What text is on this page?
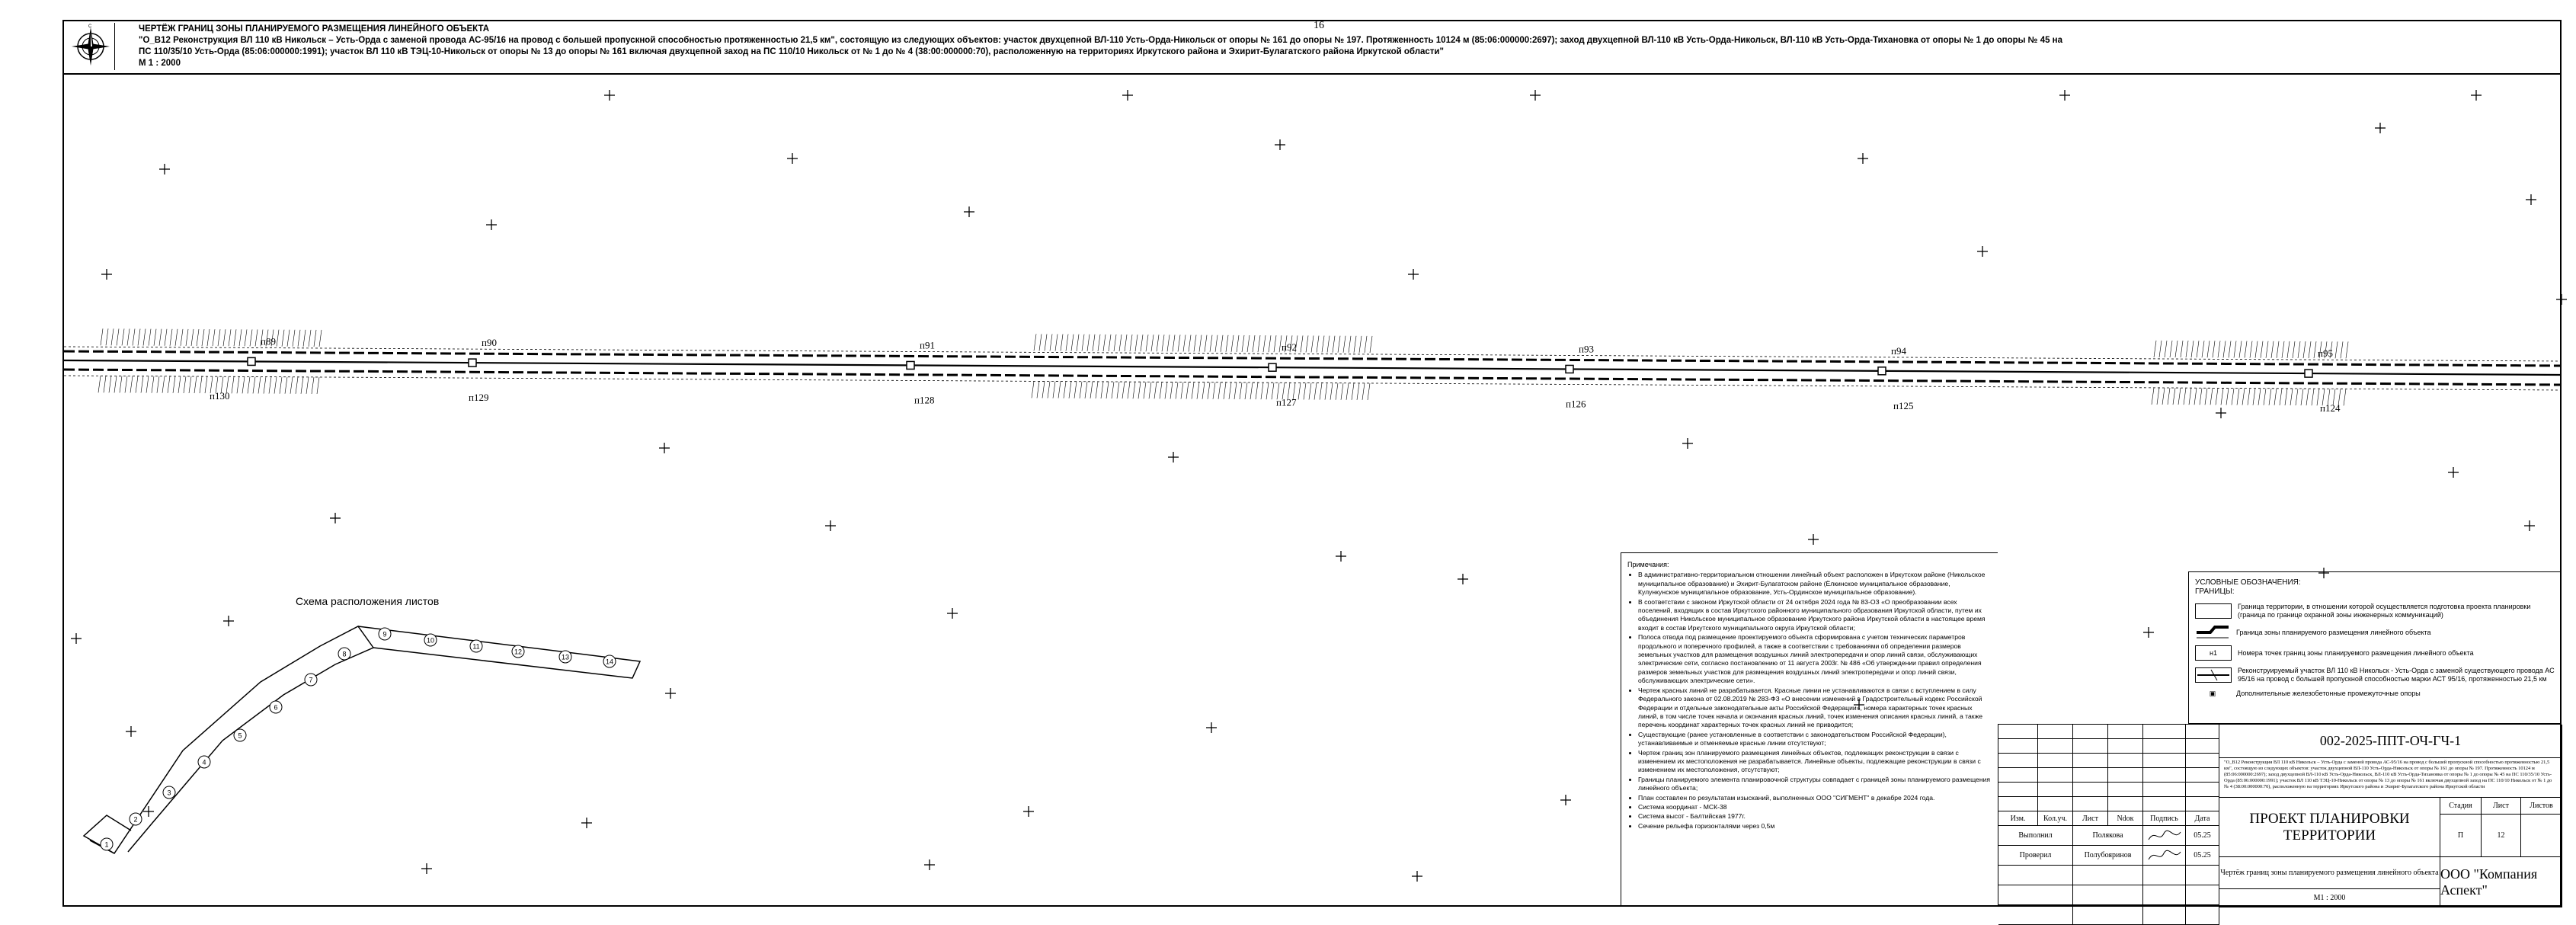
16
С	ЧЕРТЁЖ ГРАНИЦ ЗОНЫ ПЛАНИРУЕМОГО РАЗМЕЩЕНИЯ ЛИНЕЙНОГО ОБЪЕКТА
"О_В12 Реконструкция ВЛ 110 кВ Никольск – Усть-Орда с заменой провода АС-95/16 на провод с большей пропускной способностью протяженностью 21,5 км", состоящую из следующих объектов: участок двухцепной ВЛ-110 Усть-Орда-Никольск от опоры № 161 до опоры № 197. Протяженность 10124 м (85:06:000000:2697); заход двухцепной ВЛ-110 кВ Усть-Орда-Никольск, ВЛ-110 кВ Усть-Орда-Тихановка от опоры № 1 до опоры № 45 на
ПС 110/35/10 Усть-Орда (85:06:000000:1991); участок ВЛ 110 кВ ТЭЦ-10-Никольск от опоры № 13 до опоры № 161 включая двухцепной заход на ПС 110/10 Никольск от № 1 до № 4 (38:00:000000:70), расположенную на территориях Иркутского района и Эхирит-Булагатского района Иркутской области"
М 1 : 2000
п89	п90	п91	п92	п93	п94	п95
п130	п129	п128	п127	п126	п125	п124
1
2
3
4
5
6
7
8
9
10
11
12
13
14
Схема расположения листов
Примечания:
• В административно-территориальном отношении линейный объект расположен в Иркутском районе (Никольское муниципальное образование) и Эхирит-Булагатском районе (Ёлкинское муниципальное образование, Кулункунское муниципальное образование, Усть-Ординское муниципальное образование).
• В соответствии с законом Иркутской области от 24 октября 2024 года № 83-ОЗ «О преобразовании всех поселений, входящих в состав Иркутского районного муниципального образования Иркутской области, путем их объединения Никольское муниципальное образование Иркутского района Иркутской области в настоящее время входит в состав Иркутского муниципального округа Иркутской области;
• Полоса отвода под размещение проектируемого объекта сформирована с учетом технических параметров продольного и поперечного профилей, а также в соответствии с требованиями об определении размеров земельных участков для размещения воздушных линий электропередачи и опор линий связи, обслуживающих электрические сети, согласно постановлению от 11 августа 2003г. № 486 «Об утверждении правил определения размеров земельных участков для размещения воздушных линий электропередачи и опор линий связи, обслуживающих электрические сети».
• Чертеж красных линий не разрабатывается. Красные линии не устанавливаются в связи с вступлением в силу Федерального закона от 02.08.2019 № 283-ФЗ «О внесении изменений в Градостроительный кодекс Российской Федерации и отдельные законодательные акты Российской Федерации», номера характерных точек красных линий, в том числе точек начала и окончания красных линий, точек изменения описания красных линий, а также перечень координат характерных точек красных линий не приводится;
• Существующие (ранее установленные в соответствии с законодательством Российской Федерации), устанавливаемые и отменяемые красные линии отсутствуют;
• Чертеж границ зон планируемого размещения линейных объектов, подлежащих реконструкции в связи с изменением их местоположения не разрабатывается. Линейные объекты, подлежащие реконструкции в связи с изменением их местоположения, отсутствуют;
• Границы планируемого элемента планировочной структуры совпадает с границей зоны планируемого размещения линейного объекта;
• План составлен по результатам изысканий, выполненных ООО "СИГМЕНТ" в декабре 2024 года.
• Система координат - МСК-38
• Система высот - Балтийская 1977г.
• Сечение рельефа горизонталями через 0,5м
УСЛОВНЫЕ ОБОЗНАЧЕНИЯ:
ГРАНИЦЫ:
Граница территории, в отношении которой осуществляется подготовка проекта планировки (граница по границе охранной зоны инженерных коммуникаций)
Граница зоны планируемого размещения линейного объекта
н1	Номера точек границ зоны планируемого размещения линейного объекта
Реконструируемый участок ВЛ 110 кВ Никольск - Усть-Орда с заменой существующего провода АС 95/16 на провод с большей пропускной способностью марки АСТ 95/16, протяженностью 21,5 км
▣	Дополнительные железобетонные промежуточные опоры
Изм.	Кол.уч.	Лист	Ndок	Подпись	Дата
Выполнил	Полякова	05.25
Проверил	Полубояринов	05.25
002-2025-ППТ-ОЧ-ГЧ-1
"О_В12 Реконструкция ВЛ 110 кВ Никольск – Усть-Орда с заменой провода АС-95/16 на провод с большей пропускной способностью протяженностью 21,5 км", состоящую из следующих объектов: участок двухцепной ВЛ-110 Усть-Орда-Никольск от опоры № 161 до опоры № 197. Протяженность 10124 м (85:06:000000:2697); заход двухцепной ВЛ-110 кВ Усть-Орда-Никольск, ВЛ-110 кВ Усть-Орда-Тихановка от опоры № 1 до опоры № 45 на ПС 110/35/10 Усть-Орда (85:06:000000:1991); участок ВЛ 110 кВ ТЭЦ-10-Никольск от опоры № 13 до опоры № 161 включая двухцепной заход на ПС 110/10 Никольск от № 1 до № 4 (38:00:000000:70), расположенную на территориях Иркутского района и Эхирит-Булагатского района Иркутской области
ПРОЕКТ ПЛАНИРОВКИ ТЕРРИТОРИИ
Стадия	Лист	Листов
П	12
Чертёж границ зоны планируемого размещения линейного объекта
М1 : 2000
ООО "Компания Аспект"
